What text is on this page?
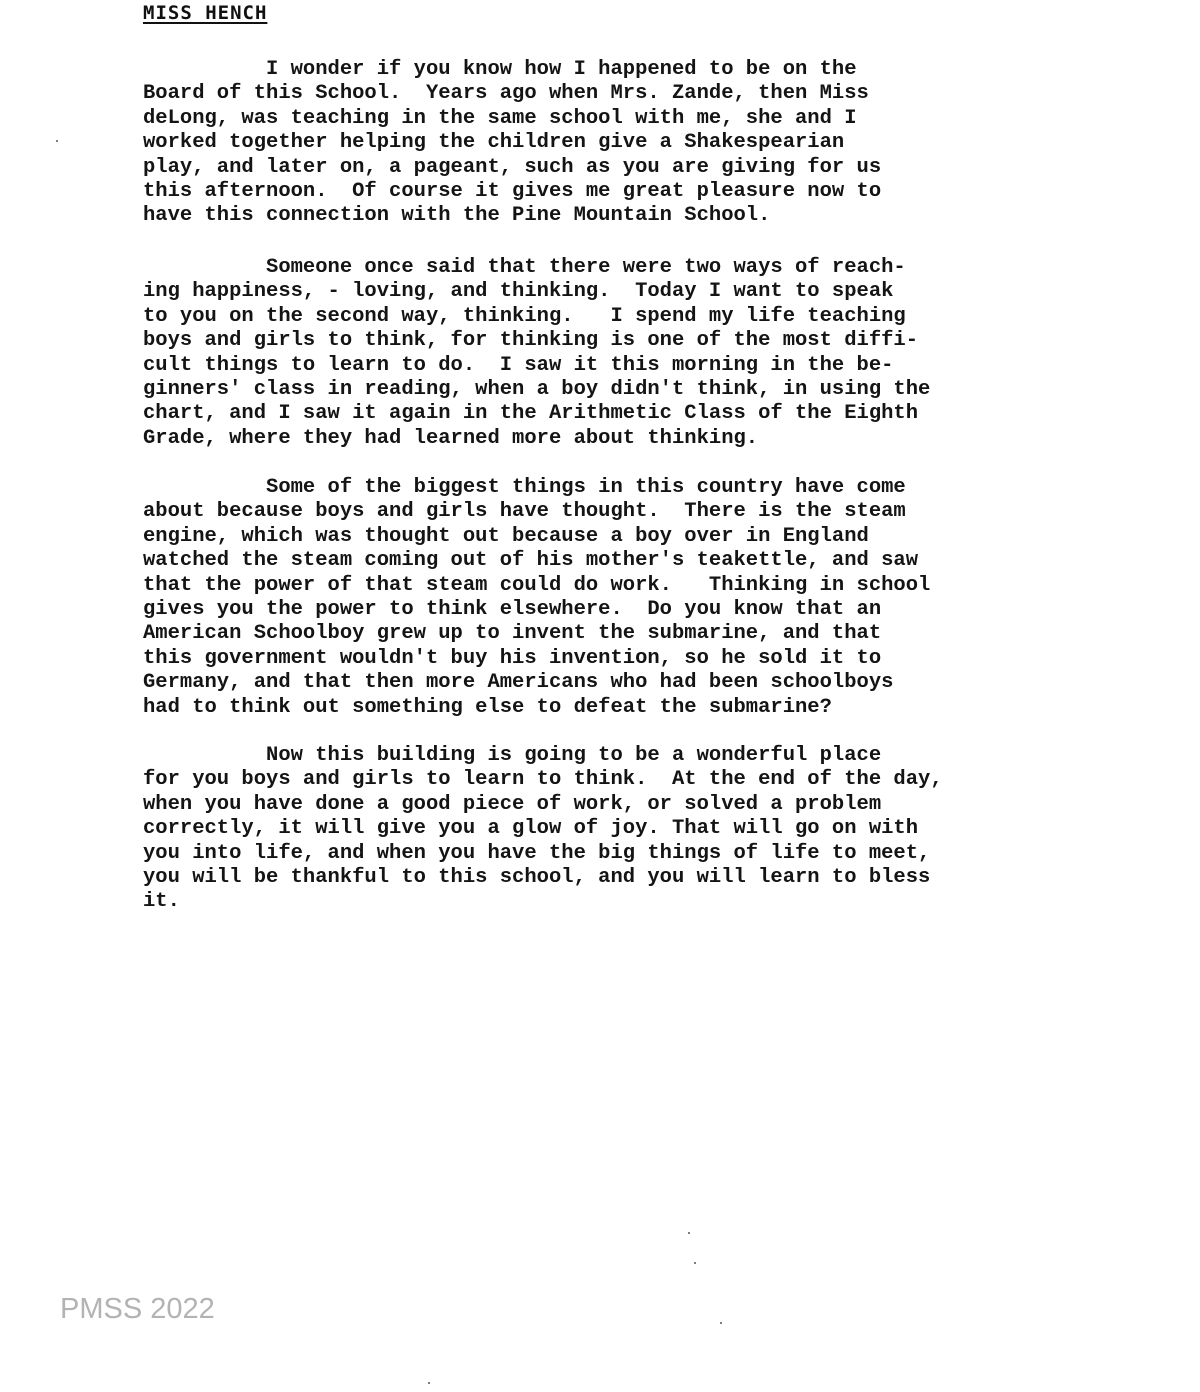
MISS HENCH

I wonder if you know how I happened to be on the
Board of this School.  Years ago when Mrs. Zande, then Miss
deLong, was teaching in the same school with me, she and I
worked together helping the children give a Shakespearian
play, and later on, a pageant, such as you are giving for us
this afternoon.  Of course it gives me great pleasure now to
have this connection with the Pine Mountain School.

Someone once said that there were two ways of reach-
ing happiness, - loving, and thinking.  Today I want to speak
to you on the second way, thinking.   I spend my life teaching
boys and girls to think, for thinking is one of the most diffi-
cult things to learn to do.  I saw it this morning in the be-
ginners' class in reading, when a boy didn't think, in using the
chart, and I saw it again in the Arithmetic Class of the Eighth
Grade, where they had learned more about thinking.

Some of the biggest things in this country have come
about because boys and girls have thought.  There is the steam
engine, which was thought out because a boy over in England
watched the steam coming out of his mother's teakettle, and saw
that the power of that steam could do work.   Thinking in school
gives you the power to think elsewhere.  Do you know that an
American Schoolboy grew up to invent the submarine, and that
this government wouldn't buy his invention, so he sold it to
Germany, and that then more Americans who had been schoolboys
had to think out something else to defeat the submarine?

Now this building is going to be a wonderful place
for you boys and girls to learn to think.  At the end of the day,
when you have done a good piece of work, or solved a problem
correctly, it will give you a glow of joy. That will go on with
you into life, and when you have the big things of life to meet,
you will be thankful to this school, and you will learn to bless
it.

PMSS 2022
